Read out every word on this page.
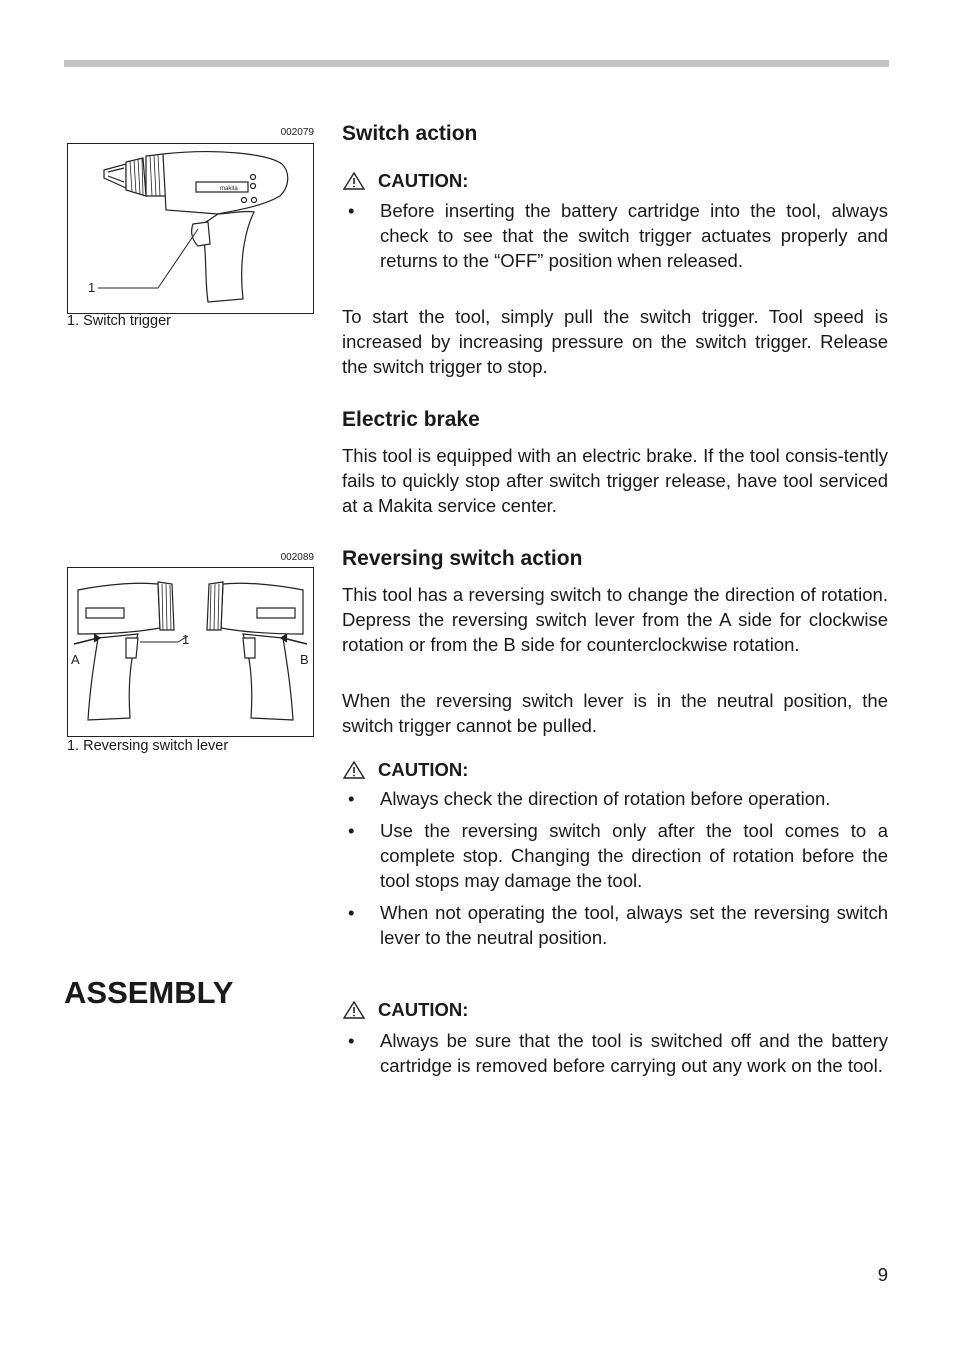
002079
makita
1
1. Switch trigger
002089
1
A	B
1. Reversing switch lever
Switch action
CAUTION:
• Before inserting the battery cartridge into the tool, always check to see that the switch trigger actuates properly and returns to the “OFF” position when released.

To start the tool, simply pull the switch trigger. Tool speed is increased by increasing pressure on the switch trigger. Release the switch trigger to stop.

Electric brake

This tool is equipped with an electric brake. If the tool consis-tently fails to quickly stop after switch trigger release, have tool serviced at a Makita service center.

Reversing switch action

This tool has a reversing switch to change the direction of rotation. Depress the reversing switch lever from the A side for clockwise rotation or from the B side for counterclockwise rotation.

When the reversing switch lever is in the neutral position, the switch trigger cannot be pulled.

CAUTION:
• Always check the direction of rotation before operation.
• Use the reversing switch only after the tool comes to a complete stop. Changing the direction of rotation before the tool stops may damage the tool.
• When not operating the tool, always set the reversing switch lever to the neutral position.
ASSEMBLY	CAUTION:
• Always be sure that the tool is switched off and the battery cartridge is removed before carrying out any work on the tool.
9
